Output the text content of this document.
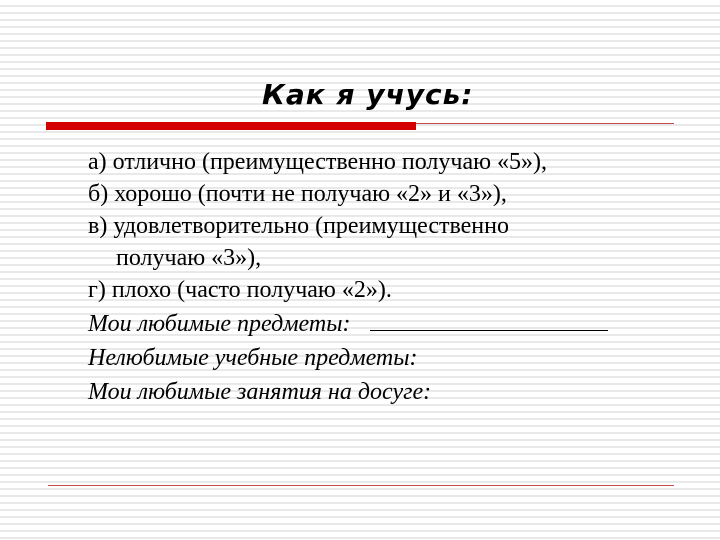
Как я учусь:
а) отлично (преимущественно получаю «5»),
б) хорошо (почти не получаю «2» и «3»),
в) удовлетворительно (преимущественно
получаю «3»),
г) плохо (часто получаю «2»).
Мои любимые предметы:
Нелюбимые учебные предметы:
Мои любимые занятия на досуге:
